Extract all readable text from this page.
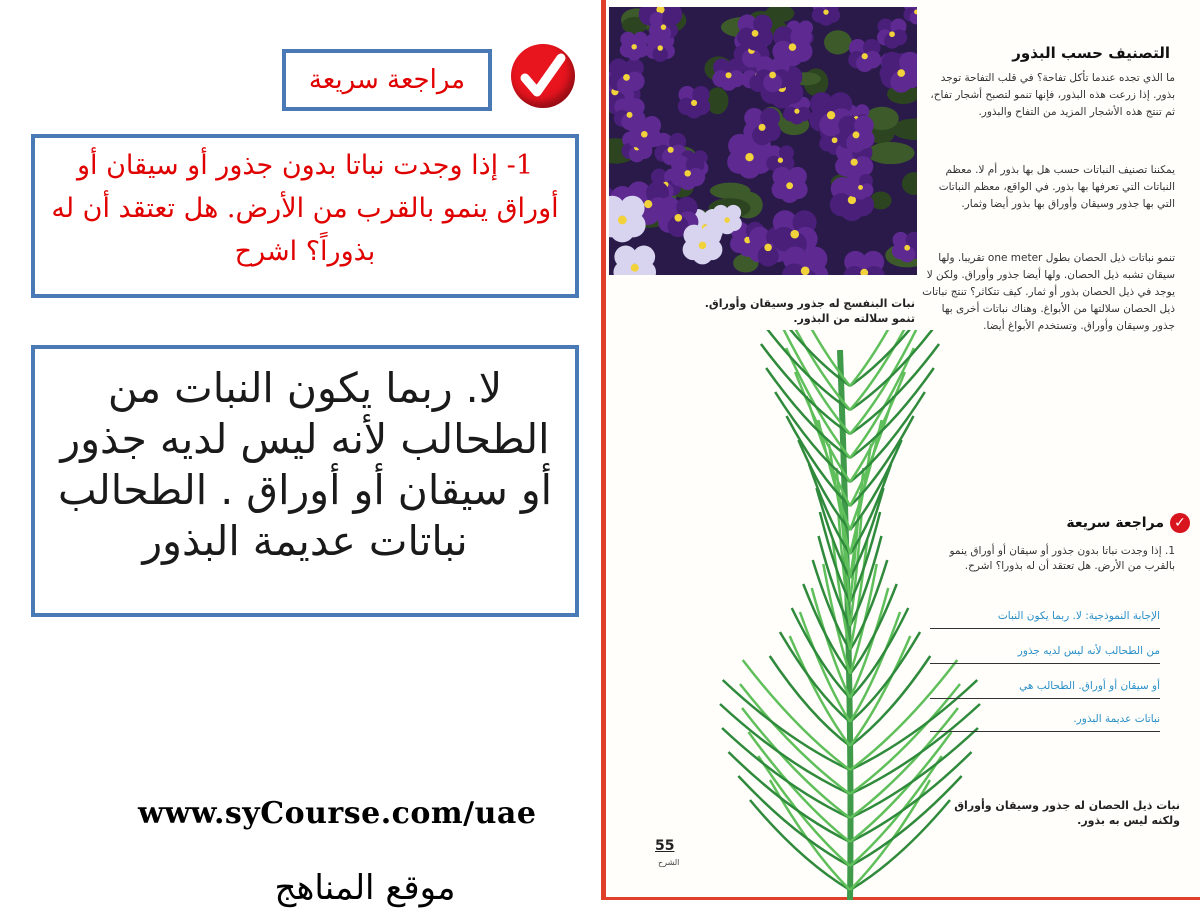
مراجعة سريعة
1- إذا وجدت نباتا بدون جذور أو سيقان أو أوراق ينمو بالقرب من الأرض. هل تعتقد أن له بذوراً؟ اشرح
لا. ربما يكون النبات من الطحالب لأنه ليس لديه جذور أو سيقان أو أوراق . الطحالب نباتات عديمة البذور
www.syCourse.com/uae
موقع المناهج
التصنيف حسب البذور
ما الذي تجده عندما تأكل تفاحة؟ في قلب التفاحة توجد بذور. إذا زرعت هذه البذور، فإنها تنمو لتصبح أشجار تفاح، ثم تنتج هذه الأشجار المزيد من التفاح والبذور.
يمكننا تصنيف النباتات حسب هل بها بذور أم لا. معظم النباتات التي تعرفها بها بذور. في الواقع، معظم النباتات التي بها جذور وسيقان وأوراق بها بذور أيضا وثمار.
تنمو نباتات ذيل الحصان بطول one meter تقريبا. ولها سيقان تشبه ذيل الحصان. ولها أيضا جذور وأوراق. ولكن لا يوجد في ذيل الحصان بذور أو ثمار. كيف تتكاثر؟ تنتج نباتات ذيل الحصان سلالتها من الأبواغ. وهناك نباتات أخرى بها جذور وسيقان وأوراق. وتستخدم الأبواغ أيضا.
نبات البنفسج له جذور وسيقان وأوراق. تنمو سلالته من البذور.
مراجعة سريعة ✓
1. إذا وجدت نباتا بدون جذور أو سيقان أو أوراق ينمو بالقرب من الأرض. هل تعتقد أن له بذورا؟ اشرح.
الإجابة النموذجية: لا. ربما يكون النبات
من الطحالب لأنه ليس لديه جذور
أو سيقان أو أوراق. الطحالب هي
نباتات عديمة البذور.
نبات ذيل الحصان له جذور وسيقان وأوراق ولكنه ليس به بذور.
55
الشرح
